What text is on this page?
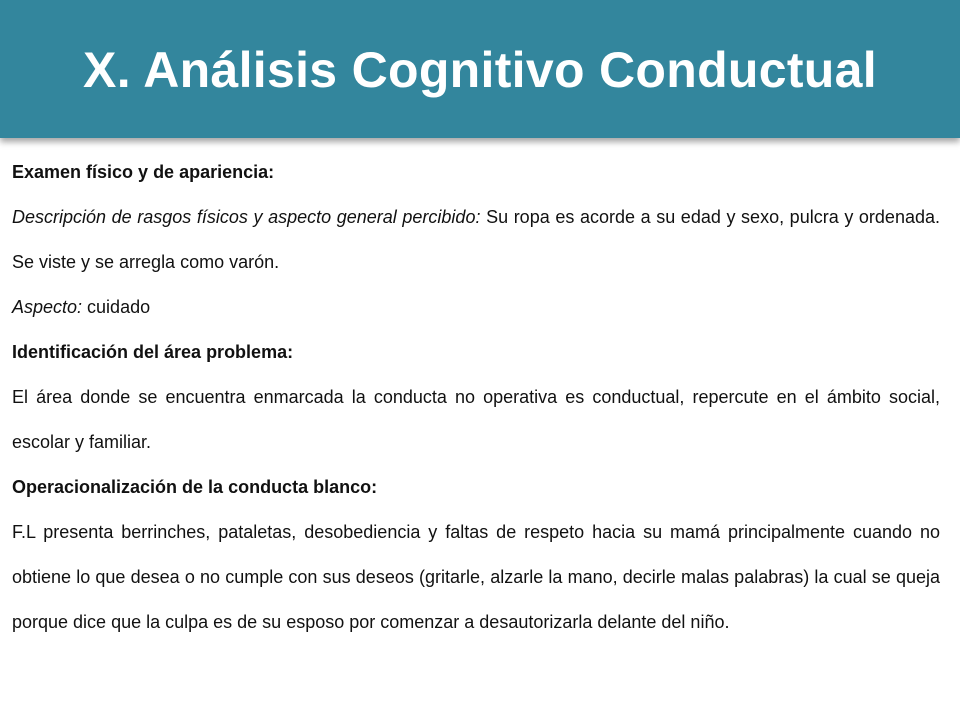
X. Análisis Cognitivo Conductual

Examen físico y de apariencia:

Descripción de rasgos físicos y aspecto general percibido: Su ropa es acorde a su edad y sexo, pulcra y ordenada. Se viste y se arregla como varón.

Aspecto: cuidado

Identificación del área problema:

El área donde se encuentra enmarcada la conducta no operativa es conductual, repercute en el ámbito social, escolar y familiar.

Operacionalización de la conducta blanco:

F.L presenta berrinches, pataletas, desobediencia y faltas de respeto hacia su mamá principalmente cuando no obtiene lo que desea o no cumple con sus deseos (gritarle, alzarle la mano, decirle malas palabras) la cual se queja porque dice que la culpa es de su esposo por comenzar a desautorizarla delante del niño.
